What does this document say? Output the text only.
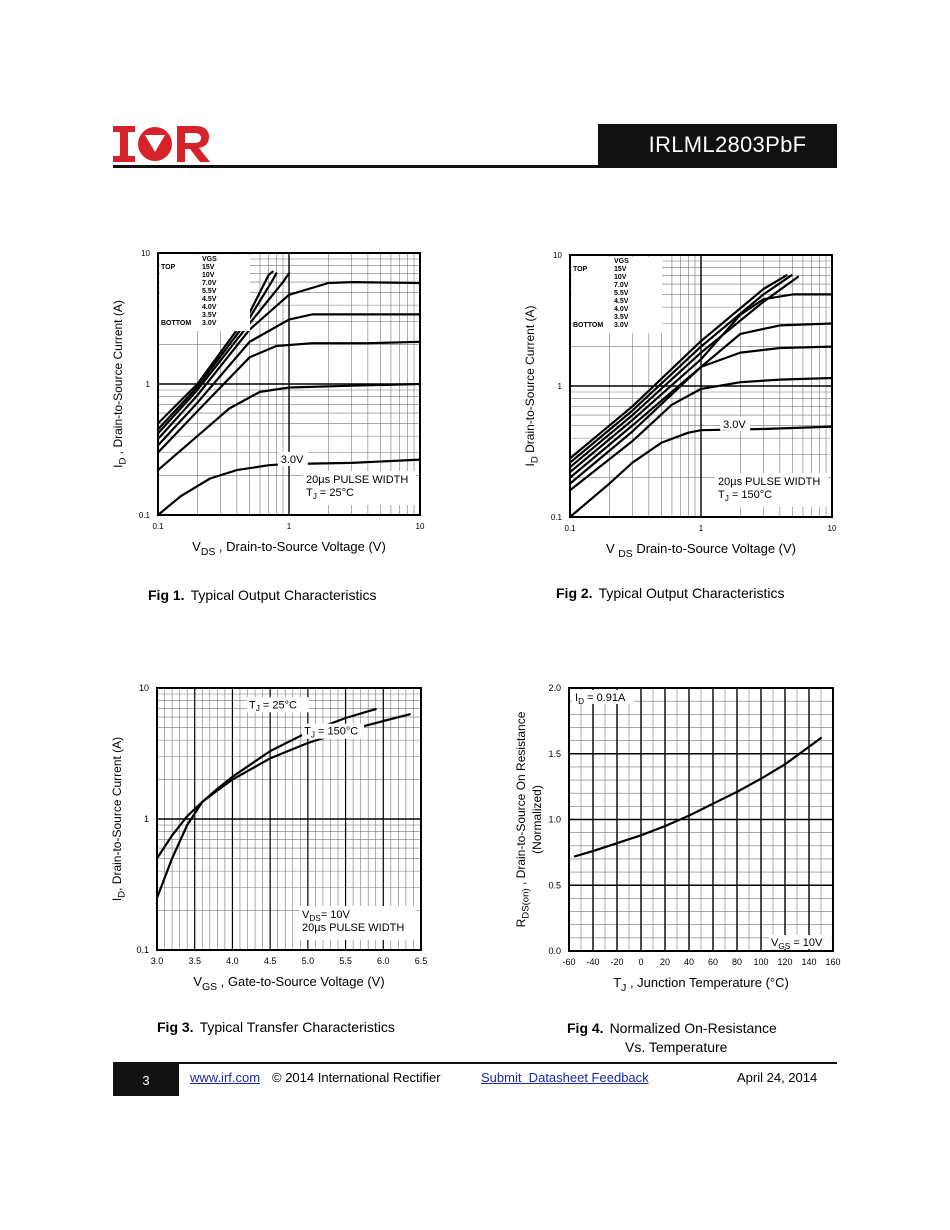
IRLML2803PbF
0.1	1	10
0.1
1
10
$V_{DS}$ , Drain-to-Source Voltage (V)
$I_D$ , Drain-to-Source Current (A)
VGS
TOP	15V
10V
7.0V
5.5V
4.5V
4.0V
3.5V
3.0V
BOTTOM
3.0V
20µs PULSE WIDTH
$T_J = 25^\circ C$
0.1	1	10
0.1
1
10
V $_{DS}$ Drain-to-Source Voltage (V)
$I_D$ Drain-to-Source Current (A)
VGS
TOP	15V
10V
7.0V
5.5V
4.5V
4.0V
3.5V
3.0V
BOTTOM
3.0V
20µs PULSE WIDTH
$T_J = 150^\circ C$
3.0	3.5	4.0	4.5	5.0	5.5	6.0	6.5
0.1
1
10
$V_{GS}$ , Gate-to-Source Voltage (V)
$I_D$, Drain-to-Source Current (A)
$T_J = 25^\circ C$
$T_J = 150^\circ C$
$V_{DS}= 10V$
20µs PULSE WIDTH
-60 -40 -20 0 20 40 60 80 100 120 140 160
0.0
0.5
1.0
1.5
2.0
$T_J$ , Junction Temperature (°C)
$R_{DS(on)}$ , Drain-to-Source On Resistance (Normalized)
$I_D = 0.91A$
$V_{GS} = 10V$
Fig 1. Typical Output Characteristics	Fig 2. Typical Output Characteristics
Fig 3. Typical Transfer Characteristics	Fig 4. Normalized On-Resistance
Vs. Temperature
3	www.irf.com © 2014 International Rectifier	Submit  Datasheet Feedback	April 24, 2014
